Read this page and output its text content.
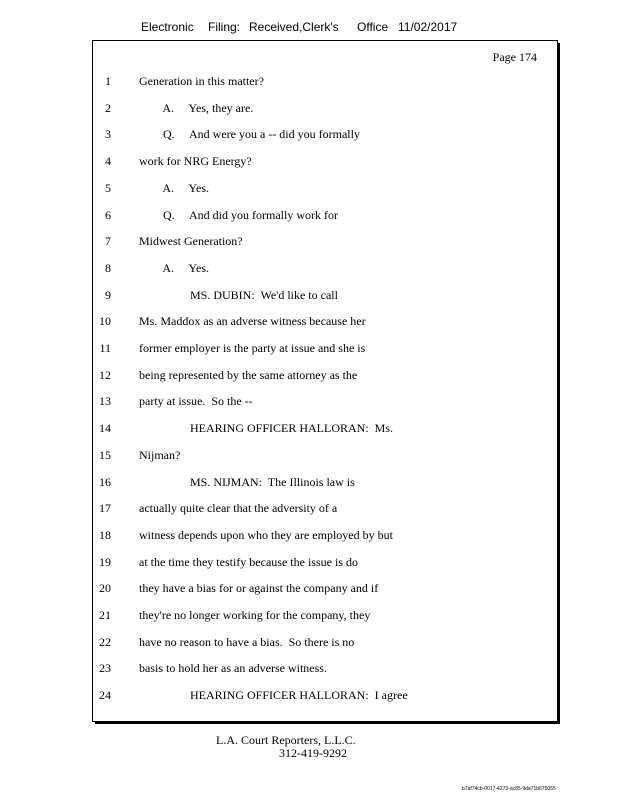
Electronic Filing: Received,Clerk's Office 11/02/2017
Page 174
1 Generation in this matter?
2 A.     Yes, they are.
3 Q.     And were you a -- did you formally
4 work for NRG Energy?
5 A.     Yes.
6 Q.     And did you formally work for
7 Midwest Generation?
8 A.     Yes.
9 MS. DUBIN:  We'd like to call
10 Ms. Maddox as an adverse witness because her
11 former employer is the party at issue and she is
12 being represented by the same attorney as the
13 party at issue.  So the --
14 HEARING OFFICER HALLORAN:  Ms.
15 Nijman?
16 MS. NIJMAN:  The Illinois law is
17 actually quite clear that the adversity of a
18 witness depends upon who they are employed by but
19 at the time they testify because the issue is do
20 they have a bias for or against the company and if
21 they're no longer working for the company, they
22 have no reason to have a bias.  So there is no
23 basis to hold her as an adverse witness.
24 HEARING OFFICER HALLORAN:  I agree
L.A. Court Reporters, L.L.C.
312-419-9292
b7af74cb-0017-4273-ac85-9da71b675055
